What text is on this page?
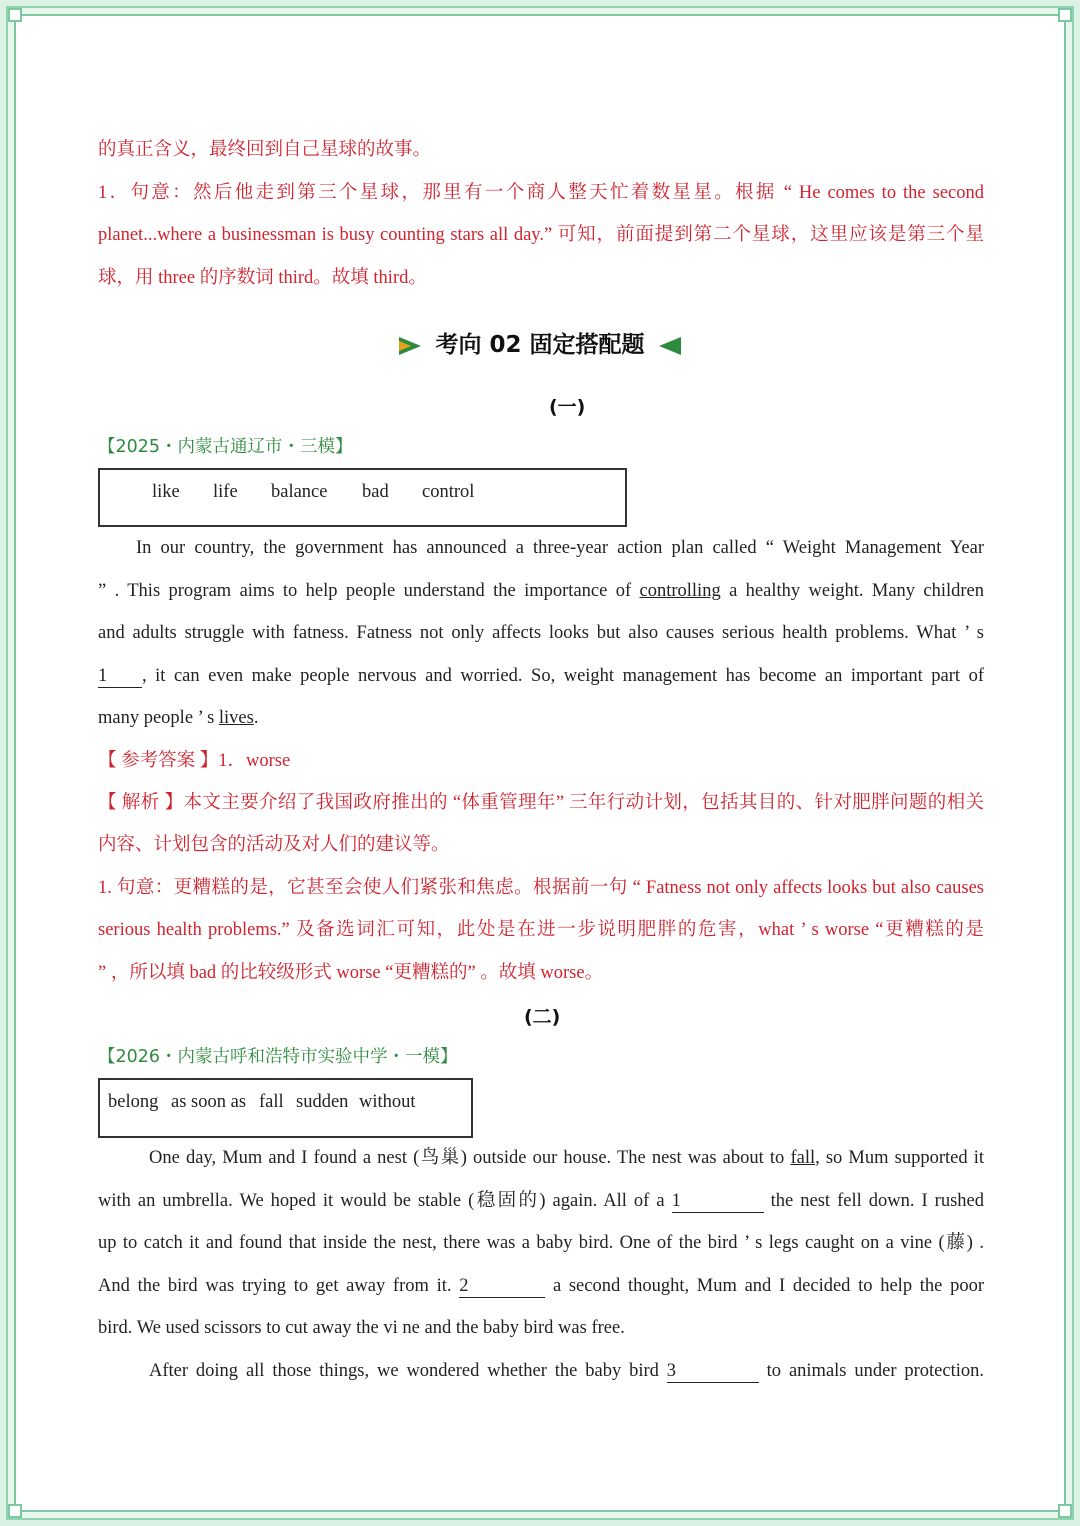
的真正含义，最终回到自己星球的故事。
1．句意：然后他走到第三个星球，那里有一个商人整天忙着数星星。根据 “ He comes to the second
planet...where a businessman is busy counting stars all day.” 可知，前面提到第二个星球，这里应该是第三个星
球，用 three 的序数词 third。故填 third。
考向 02 固定搭配题
(一)
【2025・内蒙古通辽市・三模】
like life balance bad control
In our country, the government has announced a three-year action plan called “ Weight Management Year
” . This program aims to help people understand the importance of controlling a healthy weight. Many children
and adults struggle with fatness. Fatness not only affects looks but also causes serious health problems. What ’ s
1 , it can even make people nervous and worried. So, weight management has become an important part of
many people ’ s lives.
【 参考答案 】1．worse
【 解析 】本文主要介绍了我国政府推出的 “体重管理年” 三年行动计划，包括其目的、针对肥胖问题的相关
内容、计划包含的活动及对人们的建议等。
1. 句意：更糟糕的是，它甚至会使人们紧张和焦虑。根据前一句 “ Fatness not only affects looks but also causes
serious health problems.” 及备选词汇可知，此处是在进一步说明肥胖的危害，what ’ s worse “更糟糕的是
” ，所以填 bad 的比较级形式 worse “更糟糕的” 。故填 worse。
(二)
【2026・内蒙古呼和浩特市实验中学・一模】
belong as soon as fall sudden without
One day, Mum and I found a nest (鸟巢) outside our house. The nest was about to fall, so Mum supported it
with an umbrella. We hoped it would be stable (稳固的) again. All of a 1	the nest fell down. I rushed
up to catch it and found that inside the nest, there was a baby bird. One of the bird ’ s legs caught on a vine (藤) .
And the bird was trying to get away from it. 2	a second thought, Mum and I decided to help the poor
bird. We used scissors to cut away the vi ne and the baby bird was free.
After doing all those things, we wondered whether the baby bird 3	to animals under protection.
